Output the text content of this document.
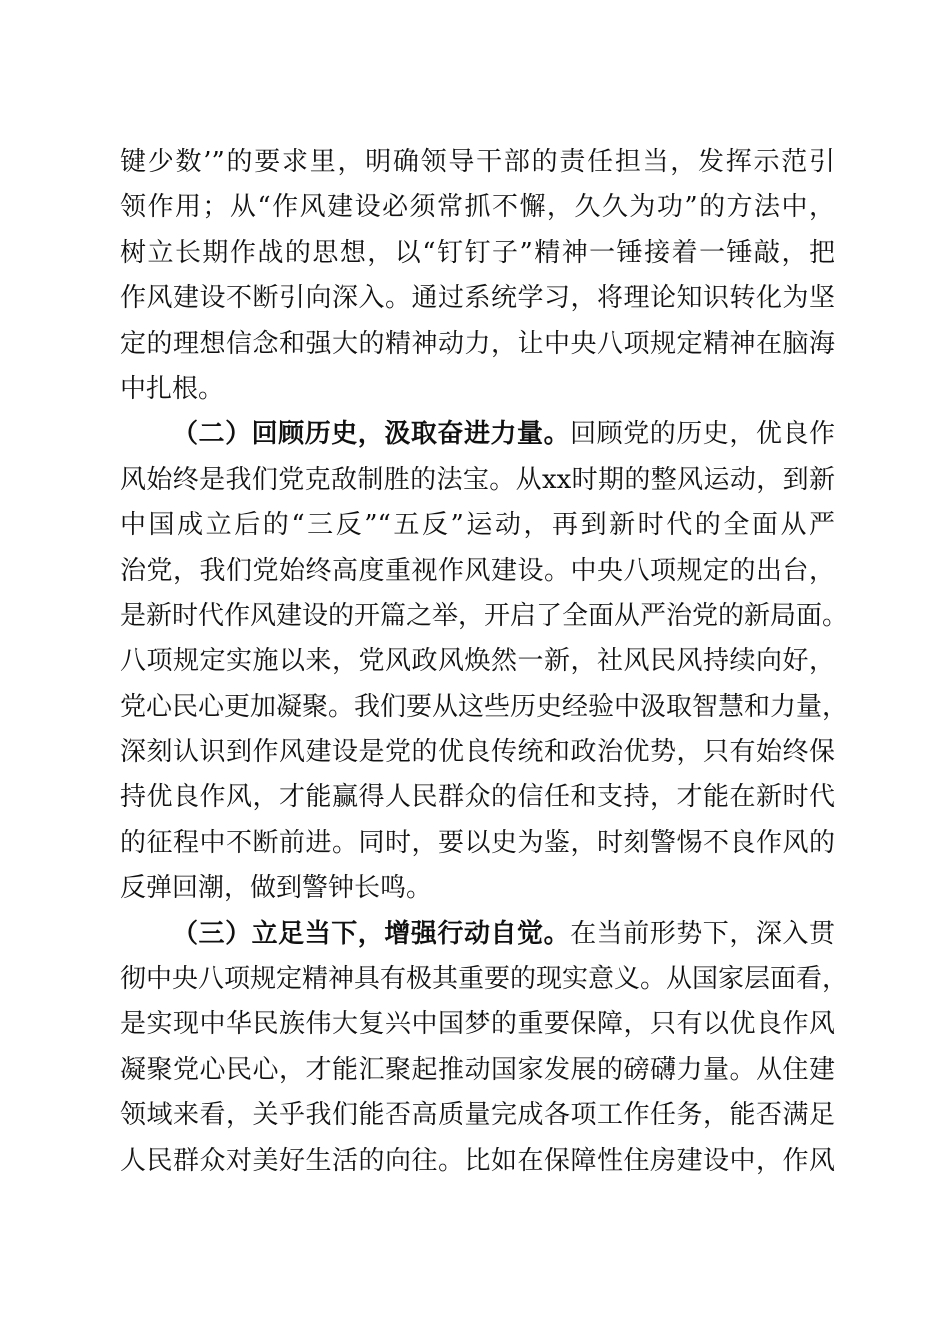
键少数’”的要求里，明确领导干部的责任担当，发挥示范引
领作用；从“作风建设必须常抓不懈，久久为功”的方法中，
树立长期作战的思想，以“钉钉子”精神一锤接着一锤敲，把
作风建设不断引向深入。通过系统学习，将理论知识转化为坚
定的理想信念和强大的精神动力，让中央八项规定精神在脑海
中扎根。
（二）回顾历史，汲取奋进力量。回顾党的历史，优良作
风始终是我们党克敌制胜的法宝。从xx时期的整风运动，到新
中国成立后的“三反”“五反”运动，再到新时代的全面从严
治党，我们党始终高度重视作风建设。中央八项规定的出台，
是新时代作风建设的开篇之举，开启了全面从严治党的新局面。
八项规定实施以来，党风政风焕然一新，社风民风持续向好，
党心民心更加凝聚。我们要从这些历史经验中汲取智慧和力量，
深刻认识到作风建设是党的优良传统和政治优势，只有始终保
持优良作风，才能赢得人民群众的信任和支持，才能在新时代
的征程中不断前进。同时，要以史为鉴，时刻警惕不良作风的
反弹回潮，做到警钟长鸣。
（三）立足当下，增强行动自觉。在当前形势下，深入贯
彻中央八项规定精神具有极其重要的现实意义。从国家层面看，
是实现中华民族伟大复兴中国梦的重要保障，只有以优良作风
凝聚党心民心，才能汇聚起推动国家发展的磅礴力量。从住建
领域来看，关乎我们能否高质量完成各项工作任务，能否满足
人民群众对美好生活的向往。比如在保障性住房建设中，作风
